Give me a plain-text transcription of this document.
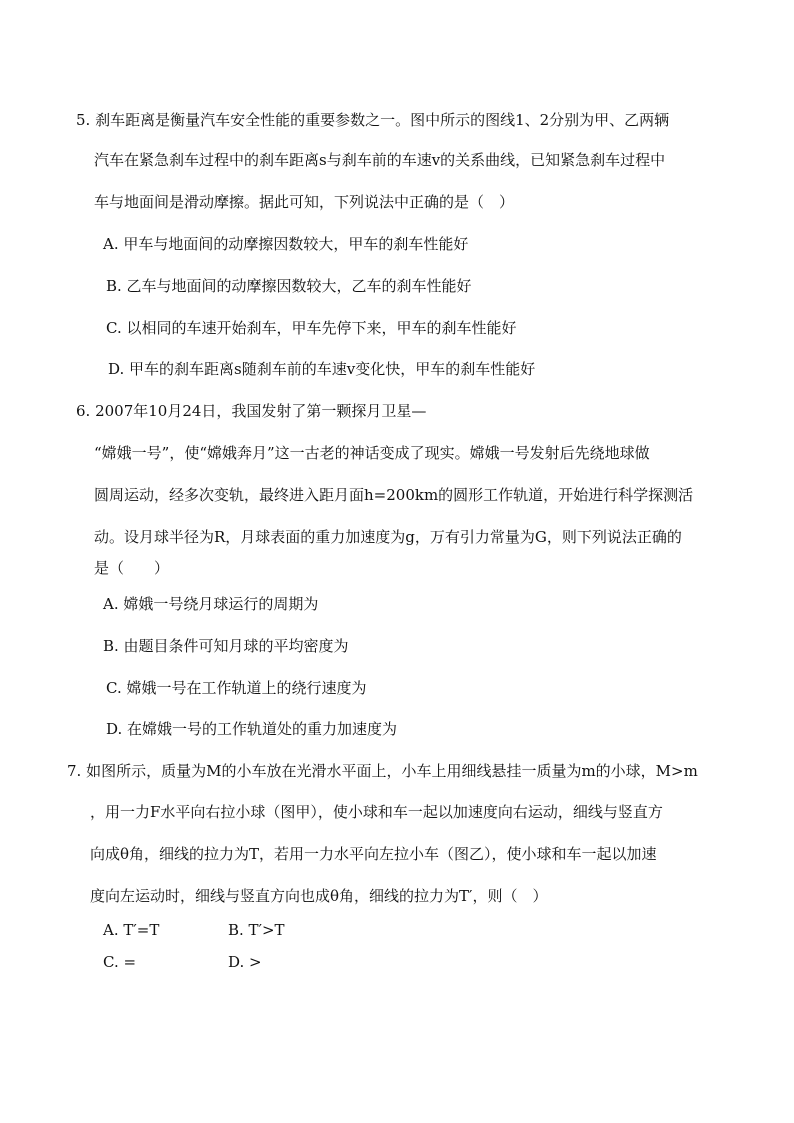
5. 刹车距离是衡量汽车安全性能的重要参数之一。图中所示的图线1、2分别为甲、乙两辆
汽车在紧急刹车过程中的刹车距离s与刹车前的车速v的关系曲线，已知紧急刹车过程中
车与地面间是滑动摩擦。据此可知，下列说法中正确的是（　）
A. 甲车与地面间的动摩擦因数较大，甲车的刹车性能好
B. 乙车与地面间的动摩擦因数较大，乙车的刹车性能好
C. 以相同的车速开始刹车，甲车先停下来，甲车的刹车性能好
D. 甲车的刹车距离s随刹车前的车速v变化快，甲车的刹车性能好
6. 2007年10月24日，我国发射了第一颗探月卫星—
“嫦娥一号”，使“嫦娥奔月”这一古老的神话变成了现实。嫦娥一号发射后先绕地球做
圆周运动，经多次变轨，最终进入距月面h=200km的圆形工作轨道，开始进行科学探测活
动。设月球半径为R，月球表面的重力加速度为g，万有引力常量为G，则下列说法正确的
是（　　）
A. 嫦娥一号绕月球运行的周期为
B. 由题目条件可知月球的平均密度为
C. 嫦娥一号在工作轨道上的绕行速度为
D. 在嫦娥一号的工作轨道处的重力加速度为
7. 如图所示，质量为M的小车放在光滑水平面上，小车上用细线悬挂一质量为m的小球，M>m
，用一力F水平向右拉小球（图甲），使小球和车一起以加速度向右运动，细线与竖直方
向成θ角，细线的拉力为T，若用一力水平向左拉小车（图乙），使小球和车一起以加速
度向左运动时，细线与竖直方向也成θ角，细线的拉力为T′，则（　）
A. T′=T	B. T′>T
C. =	D. >
